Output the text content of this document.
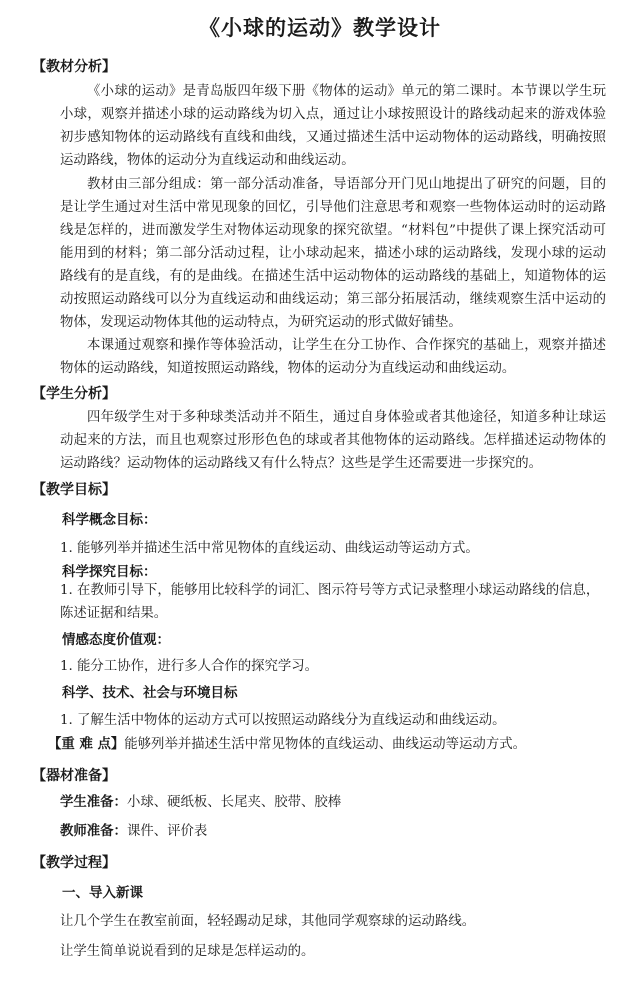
《小球的运动》教学设计
【教材分析】

《小球的运动》是青岛版四年级下册《物体的运动》单元的第二课时。本节课以学生玩小球，观察并描述小球的运动路线为切入点，通过让小球按照设计的路线动起来的游戏体验初步感知物体的运动路线有直线和曲线，又通过描述生活中运动物体的运动路线，明确按照运动路线，物体的运动分为直线运动和曲线运动。

教材由三部分组成：第一部分活动准备，导语部分开门见山地提出了研究的问题，目的是让学生通过对生活中常见现象的回忆，引导他们注意思考和观察一些物体运动时的运动路线是怎样的，进而激发学生对物体运动现象的探究欲望。“材料包”中提供了课上探究活动可能用到的材料；第二部分活动过程，让小球动起来，描述小球的运动路线，发现小球的运动路线有的是直线，有的是曲线。在描述生活中运动物体的运动路线的基础上，知道物体的运动按照运动路线可以分为直线运动和曲线运动；第三部分拓展活动，继续观察生活中运动的物体，发现运动物体其他的运动特点，为研究运动的形式做好铺垫。

本课通过观察和操作等体验活动，让学生在分工协作、合作探究的基础上，观察并描述物体的运动路线，知道按照运动路线，物体的运动分为直线运动和曲线运动。

【学生分析】

四年级学生对于多种球类活动并不陌生，通过自身体验或者其他途径，知道多种让球运动起来的方法，而且也观察过形形色色的球或者其他物体的运动路线。怎样描述运动物体的运动路线？运动物体的运动路线又有什么特点？这些是学生还需要进一步探究的。

【教学目标】
科学概念目标：

1. 能够列举并描述生活中常见物体的直线运动、曲线运动等运动方式。

科学探究目标：

1. 在教师引导下，能够用比较科学的词汇、图示符号等方式记录整理小球运动路线的信息，陈述证据和结果。

情感态度价值观：

1. 能分工协作，进行多人合作的探究学习。

科学、技术、社会与环境目标

1. 了解生活中物体的运动方式可以按照运动路线分为直线运动和曲线运动。

【重 难 点】能够列举并描述生活中常见物体的直线运动、曲线运动等运动方式。

【器材准备】

学生准备：小球、硬纸板、长尾夹、胶带、胶棒

教师准备：课件、评价表

【教学过程】
一、导入新课

让几个学生在教室前面，轻轻踢动足球，其他同学观察球的运动路线。

让学生简单说说看到的足球是怎样运动的。
